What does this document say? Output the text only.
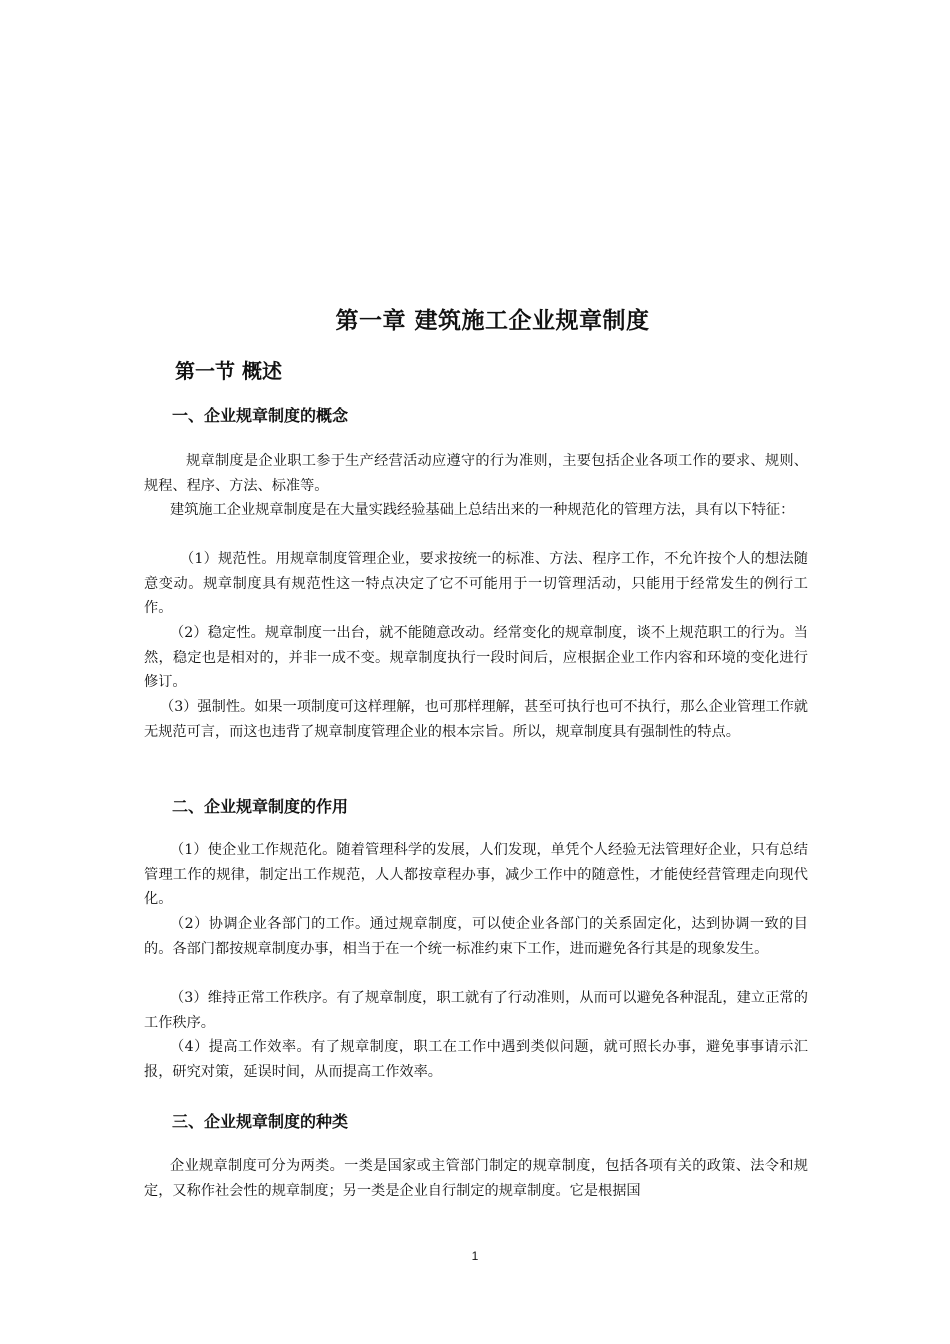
第一章 建筑施工企业规章制度
第一节 概述
一、企业规章制度的概念

规章制度是企业职工参于生产经营活动应遵守的行为准则，主要包括企业各项工作的要求、规则、规程、程序、方法、标准等。

建筑施工企业规章制度是在大量实践经验基础上总结出来的一种规范化的管理方法，具有以下特征：

（1）规范性。用规章制度管理企业，要求按统一的标准、方法、程序工作，不允许按个人的想法随意变动。规章制度具有规范性这一特点决定了它不可能用于一切管理活动，只能用于经常发生的例行工作。

（2）稳定性。规章制度一出台，就不能随意改动。经常变化的规章制度，谈不上规范职工的行为。当然，稳定也是相对的，并非一成不变。规章制度执行一段时间后，应根据企业工作内容和环境的变化进行修订。

（3）强制性。如果一项制度可这样理解，也可那样理解，甚至可执行也可不执行，那么企业管理工作就无规范可言，而这也违背了规章制度管理企业的根本宗旨。所以，规章制度具有强制性的特点。

二、企业规章制度的作用

（1）使企业工作规范化。随着管理科学的发展，人们发现，单凭个人经验无法管理好企业，只有总结管理工作的规律，制定出工作规范，人人都按章程办事，减少工作中的随意性，才能使经营管理走向现代化。

（2）协调企业各部门的工作。通过规章制度，可以使企业各部门的关系固定化，达到协调一致的目的。各部门都按规章制度办事，相当于在一个统一标准约束下工作，进而避免各行其是的现象发生。

（3）维持正常工作秩序。有了规章制度，职工就有了行动准则，从而可以避免各种混乱，建立正常的工作秩序。

（4）提高工作效率。有了规章制度，职工在工作中遇到类似问题，就可照长办事，避免事事请示汇报，研究对策，延误时间，从而提高工作效率。

三、企业规章制度的种类

企业规章制度可分为两类。一类是国家或主管部门制定的规章制度，包括各项有关的政策、法令和规定，又称作社会性的规章制度；另一类是企业自行制定的规章制度。它是根据国

1
